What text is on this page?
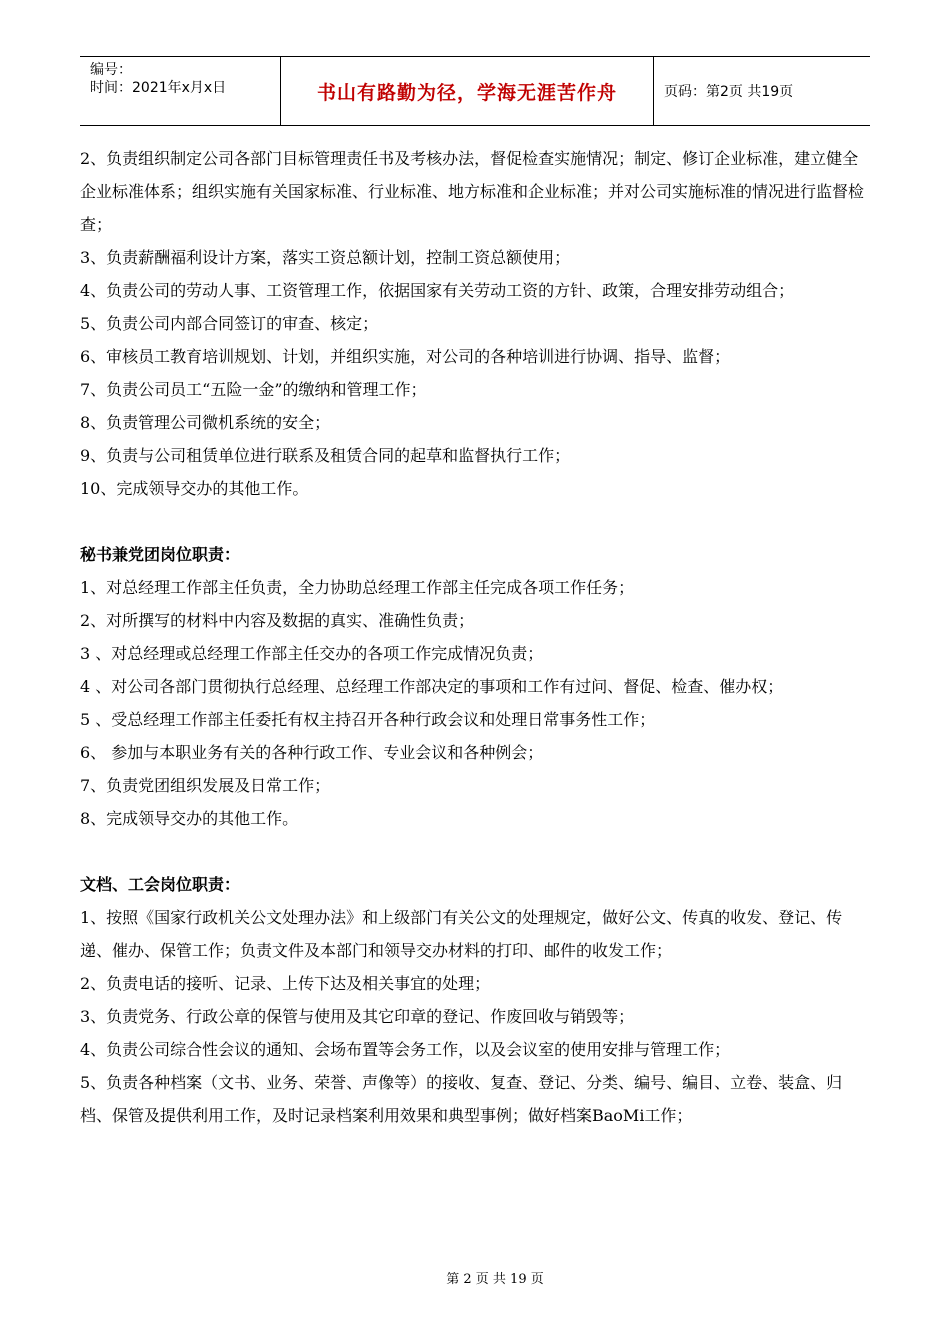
编号：
时间：2021年x月x日	书山有路勤为径，学海无涯苦作舟	页码：第2页 共19页

2、负责组织制定公司各部门目标管理责任书及考核办法，督促检查实施情况；制定、修订企业标准，建立健全企业标准体系；组织实施有关国家标准、行业标准、地方标准和企业标准；并对公司实施标准的情况进行监督检查；

3、负责薪酬福利设计方案，落实工资总额计划，控制工资总额使用；

4、负责公司的劳动人事、工资管理工作，依据国家有关劳动工资的方针、政策，合理安排劳动组合；

5、负责公司内部合同签订的审查、核定；

6、审核员工教育培训规划、计划，并组织实施，对公司的各种培训进行协调、指导、监督；

7、负责公司员工“五险一金”的缴纳和管理工作；

8、负责管理公司微机系统的安全；

9、负责与公司租赁单位进行联系及租赁合同的起草和监督执行工作；

10、完成领导交办的其他工作。

秘书兼党团岗位职责：

1、对总经理工作部主任负责，全力协助总经理工作部主任完成各项工作任务；

2、对所撰写的材料中内容及数据的真实、准确性负责；

3 、对总经理或总经理工作部主任交办的各项工作完成情况负责；

4 、对公司各部门贯彻执行总经理、总经理工作部决定的事项和工作有过问、督促、检查、催办权；

5 、受总经理工作部主任委托有权主持召开各种行政会议和处理日常事务性工作；

6、 参加与本职业务有关的各种行政工作、专业会议和各种例会；

7、负责党团组织发展及日常工作；

8、完成领导交办的其他工作。

文档、工会岗位职责：

1、按照《国家行政机关公文处理办法》和上级部门有关公文的处理规定，做好公文、传真的收发、登记、传递、催办、保管工作；负责文件及本部门和领导交办材料的打印、邮件的收发工作；

2、负责电话的接听、记录、上传下达及相关事宜的处理；

3、负责党务、行政公章的保管与使用及其它印章的登记、作废回收与销毁等；

4、负责公司综合性会议的通知、会场布置等会务工作，以及会议室的使用安排与管理工作；

5、负责各种档案（文书、业务、荣誉、声像等）的接收、复查、登记、分类、编号、编目、立卷、装盒、归档、保管及提供利用工作，及时记录档案利用效果和典型事例；做好档案BaoMi工作；

第 2 页 共 19 页
